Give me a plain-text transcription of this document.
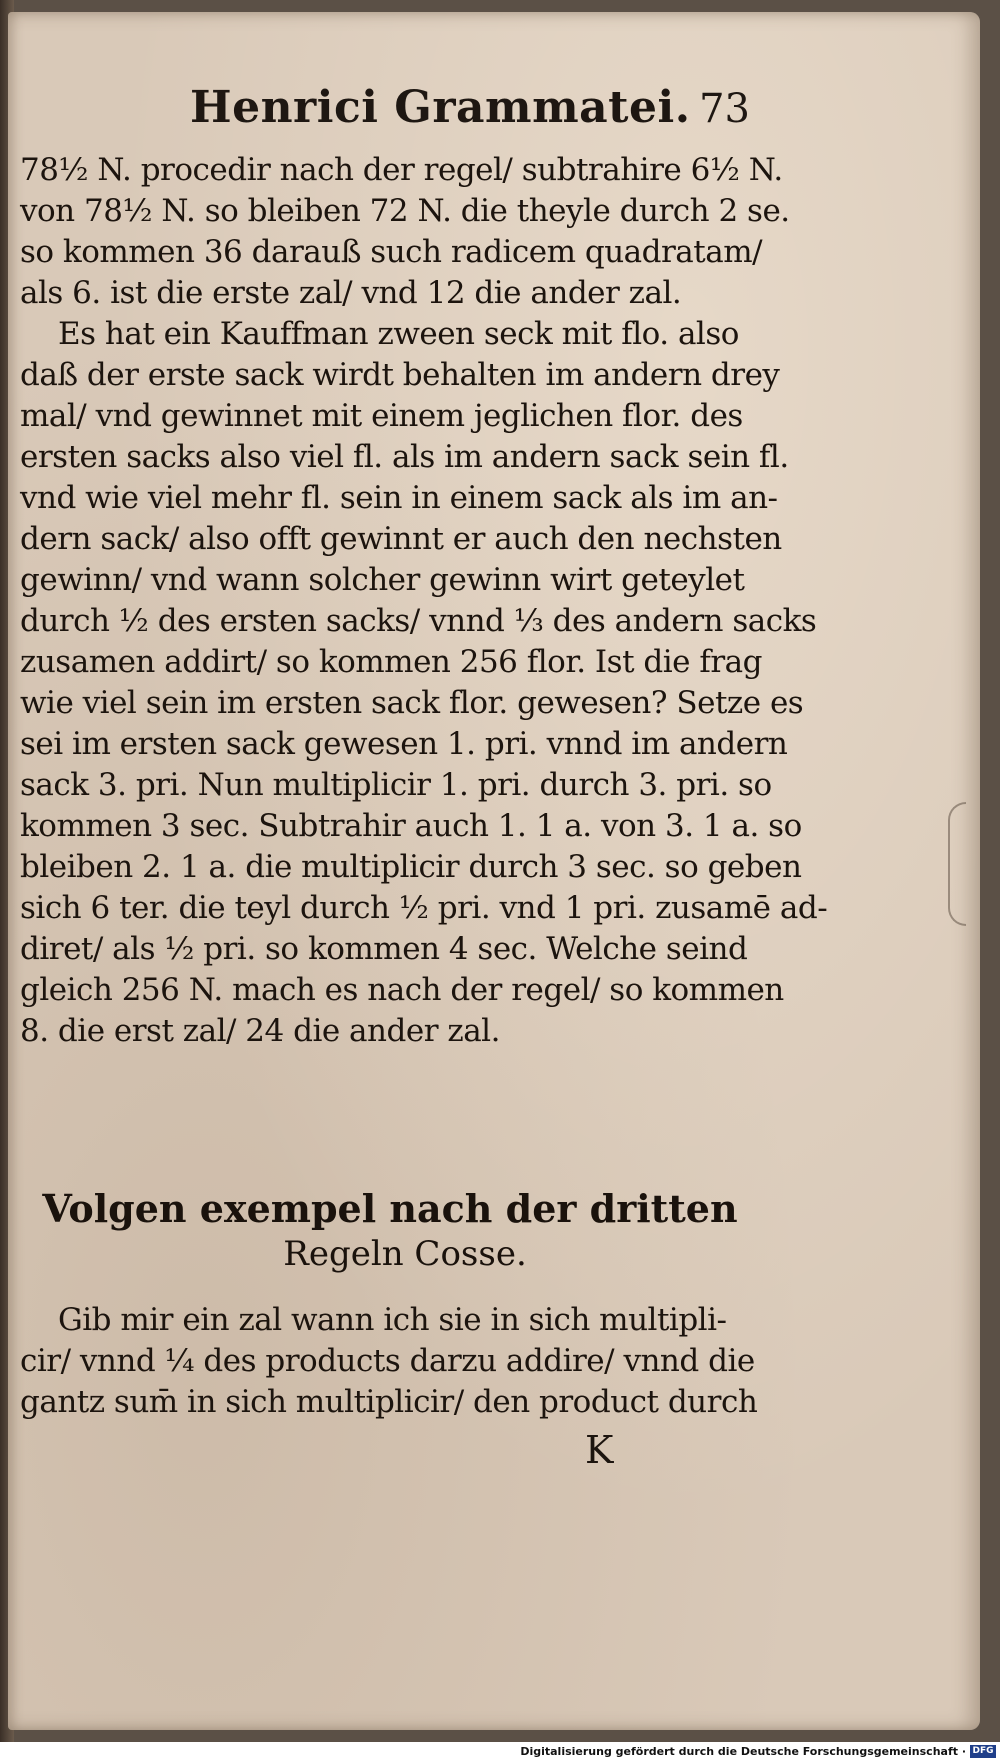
Henrici Grammatei. 73
78½ N. procedir nach der regel/ subtrahire 6½ N.
von 78½ N. so bleiben 72 N. die theyle durch 2 se.
so kommen 36 darauß such radicem quadratam/
als 6. ist die erste zal/ vnd 12 die ander zal.
Es hat ein Kauffman zween seck mit flo. also
daß der erste sack wirdt behalten im andern drey
mal/ vnd gewinnet mit einem jeglichen flor. des
ersten sacks also viel fl. als im andern sack sein fl.
vnd wie viel mehr fl. sein in einem sack als im an-
dern sack/ also offt gewinnt er auch den nechsten
gewinn/ vnd wann solcher gewinn wirt geteylet
durch ½ des ersten sacks/ vnnd ⅓ des andern sacks
zusamen addirt/ so kommen 256 flor. Ist die frag
wie viel sein im ersten sack flor. gewesen? Setze es
sei im ersten sack gewesen 1. pri. vnnd im andern
sack 3. pri. Nun multiplicir 1. pri. durch 3. pri. so
kommen 3 sec. Subtrahir auch 1. 1 a. von 3. 1 a. so
bleiben 2. 1 a. die multiplicir durch 3 sec. so geben
sich 6 ter. die teyl durch ½ pri. vnd 1 pri. zusamē ad-
diret/ als ½ pri. so kommen 4 sec. Welche seind
gleich 256 N. mach es nach der regel/ so kommen
8. die erst zal/ 24 die ander zal.
Volgen exempel nach der dritten
Regeln Cosse.
Gib mir ein zal wann ich sie in sich multipli-
cir/ vnnd ¼ des products darzu addire/ vnnd die
gantz sum̄ in sich multiplicir/ den product durch
K
Digitalisierung gefördert durch die Deutsche Forschungsgemeinschaft · DFG
